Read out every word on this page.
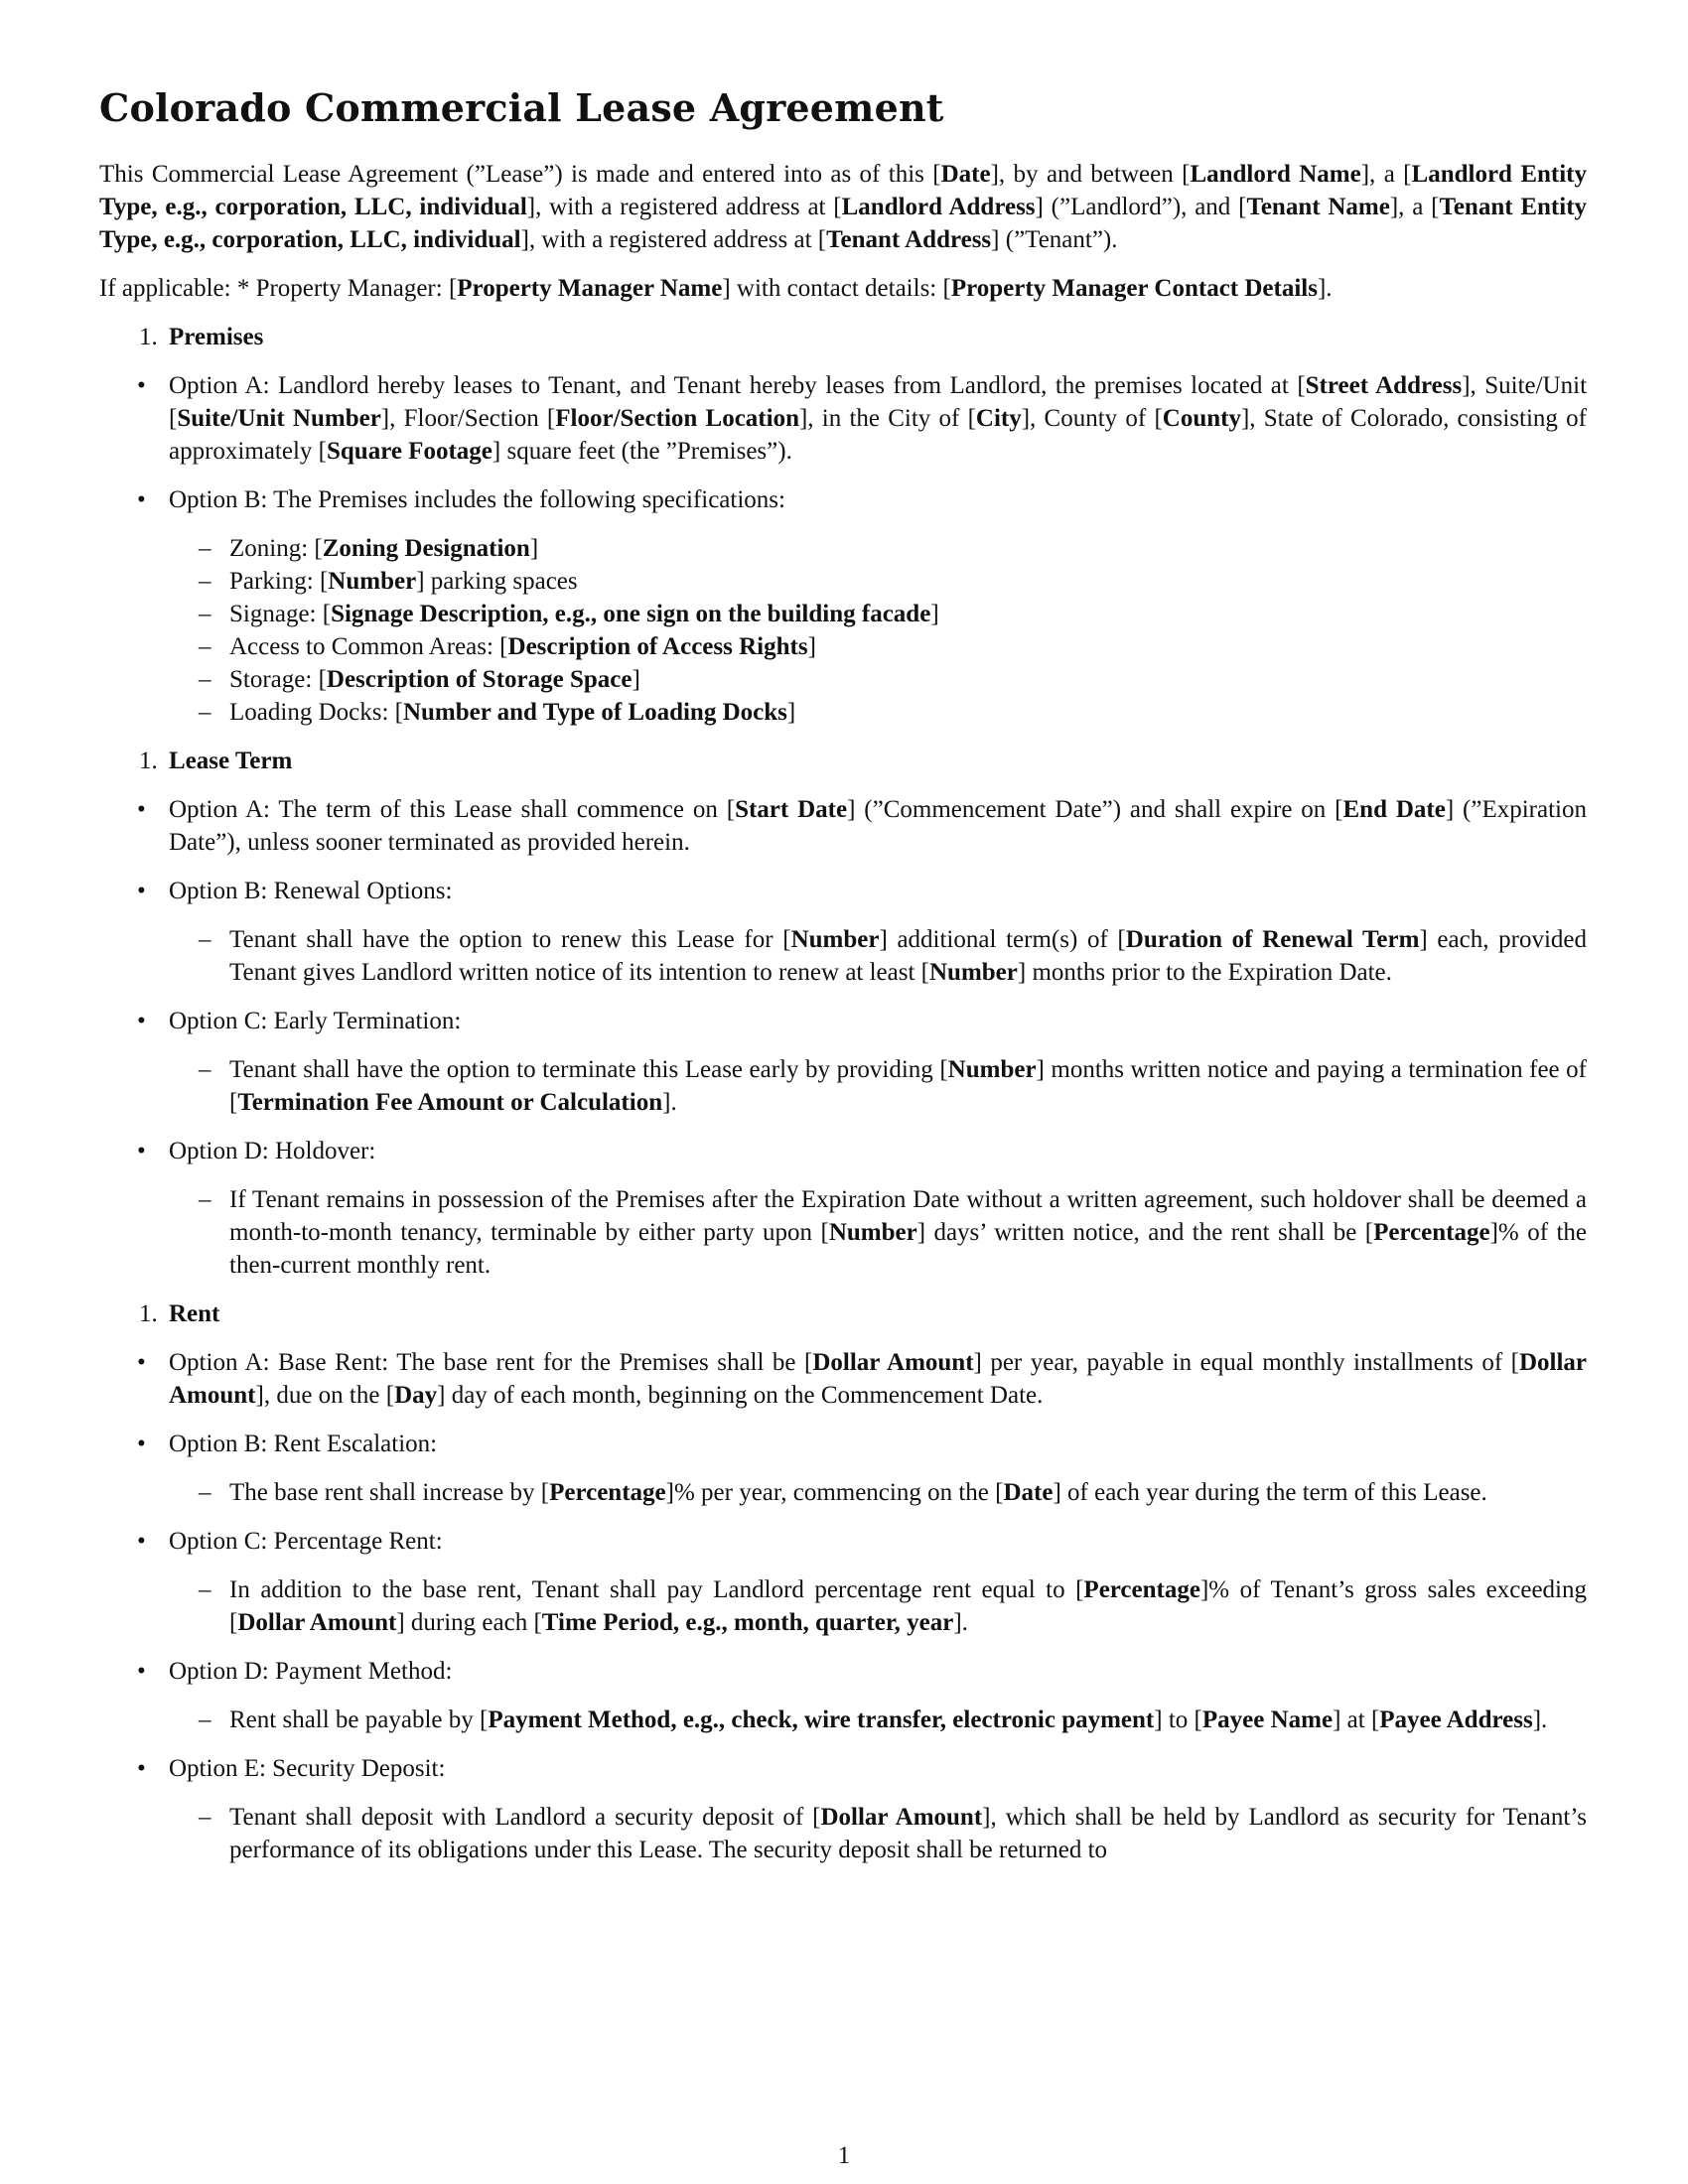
Colorado Commercial Lease Agreement

This Commercial Lease Agreement (”Lease”) is made and entered into as of this [Date], by and between [Landlord Name], a [Landlord Entity Type, e.g., corporation, LLC, individual], with a registered address at [Landlord Address] (”Landlord”), and [Tenant Name], a [Tenant Entity Type, e.g., corporation, LLC, individual], with a registered address at [Tenant Address] (”Tenant”).

If applicable: * Property Manager: [Property Manager Name] with contact details: [Property Manager Contact Details].

1. Premises
• Option A: Landlord hereby leases to Tenant, and Tenant hereby leases from Landlord, the premises located at [Street Address], Suite/Unit [Suite/Unit Number], Floor/Section [Floor/Section Location], in the City of [City], County of [County], State of Colorado, consisting of approximately [Square Footage] square feet (the ”Premises”).
• Option B: The Premises includes the following specifications:
– Zoning: [Zoning Designation]
– Parking: [Number] parking spaces
– Signage: [Signage Description, e.g., one sign on the building facade]
– Access to Common Areas: [Description of Access Rights]
– Storage: [Description of Storage Space]
– Loading Docks: [Number and Type of Loading Docks]
1. Lease Term
• Option A: The term of this Lease shall commence on [Start Date] (”Commencement Date”) and shall expire on [End Date] (”Expiration Date”), unless sooner terminated as provided herein.
• Option B: Renewal Options:
– Tenant shall have the option to renew this Lease for [Number] additional term(s) of [Duration of Renewal Term] each, provided Tenant gives Landlord written notice of its intention to renew at least [Number] months prior to the Expiration Date.
• Option C: Early Termination:
– Tenant shall have the option to terminate this Lease early by providing [Number] months written notice and paying a termination fee of [Termination Fee Amount or Calculation].
• Option D: Holdover:
– If Tenant remains in possession of the Premises after the Expiration Date without a written agreement, such holdover shall be deemed a month-to-month tenancy, terminable by either party upon [Number] days’ written notice, and the rent shall be [Percentage]% of the then-current monthly rent.
1. Rent
• Option A: Base Rent: The base rent for the Premises shall be [Dollar Amount] per year, payable in equal monthly installments of [Dollar Amount], due on the [Day] day of each month, beginning on the Commencement Date.
• Option B: Rent Escalation:
– The base rent shall increase by [Percentage]% per year, commencing on the [Date] of each year during the term of this Lease.
• Option C: Percentage Rent:
– In addition to the base rent, Tenant shall pay Landlord percentage rent equal to [Percentage]% of Tenant’s gross sales exceeding [Dollar Amount] during each [Time Period, e.g., month, quarter, year].
• Option D: Payment Method:
– Rent shall be payable by [Payment Method, e.g., check, wire transfer, electronic payment] to [Payee Name] at [Payee Address].
• Option E: Security Deposit:
– Tenant shall deposit with Landlord a security deposit of [Dollar Amount], which shall be held by Landlord as security for Tenant’s performance of its obligations under this Lease. The security deposit shall be returned to
1
